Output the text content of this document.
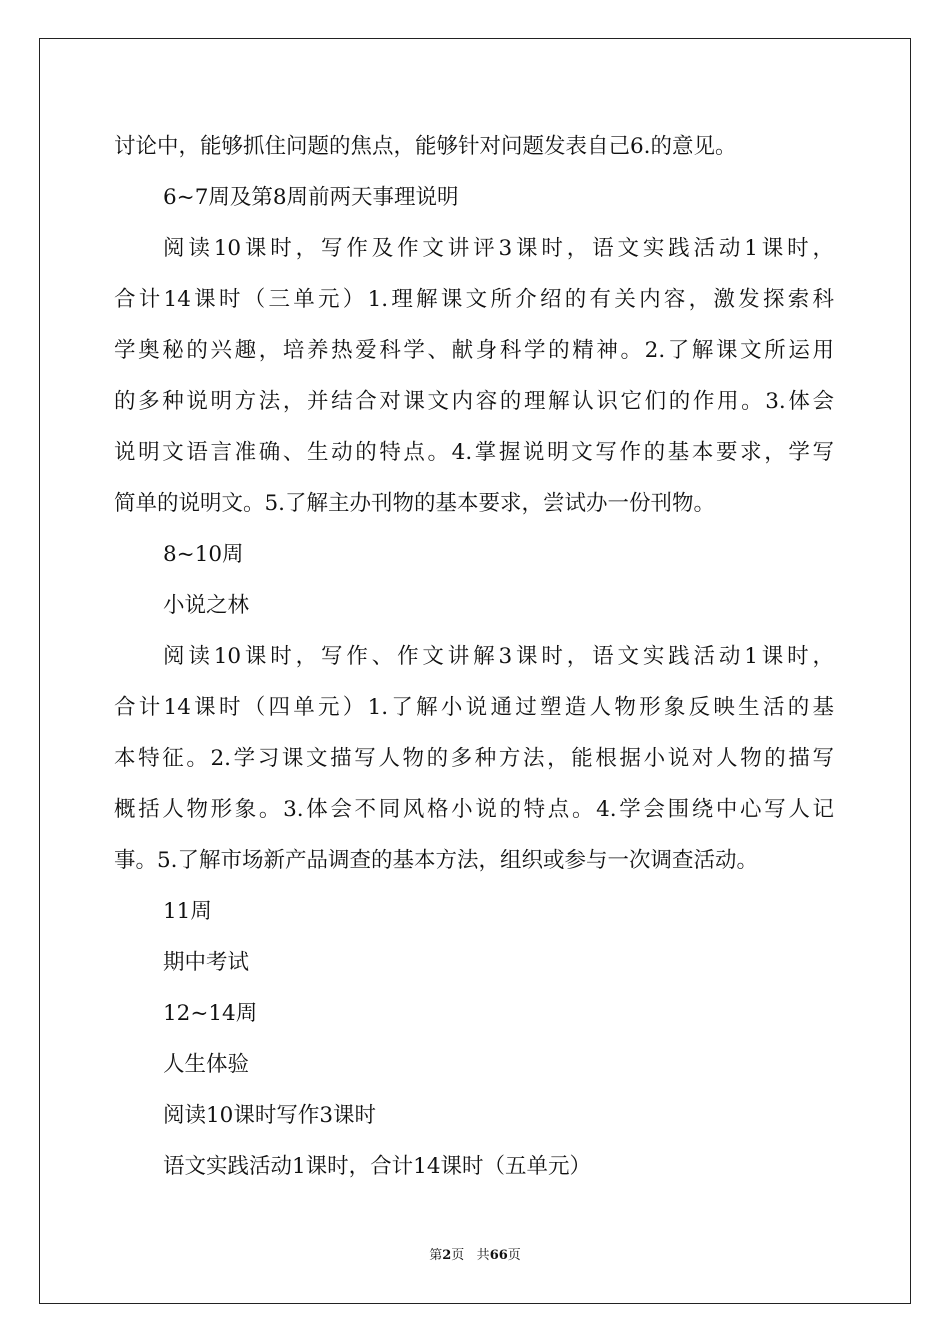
讨论中，能够抓住问题的焦点，能够针对问题发表自己6.的意见。
6~7周及第8周前两天事理说明
阅读10课时，写作及作文讲评3课时，语文实践活动1课时，
合计14课时（三单元）1.理解课文所介绍的有关内容，激发探索科
学奥秘的兴趣，培养热爱科学、献身科学的精神。2.了解课文所运用
的多种说明方法，并结合对课文内容的理解认识它们的作用。3.体会
说明文语言准确、生动的特点。4.掌握说明文写作的基本要求，学写
简单的说明文。5.了解主办刊物的基本要求，尝试办一份刊物。
8~10周
小说之林
阅读10课时，写作、作文讲解3课时，语文实践活动1课时，
合计14课时（四单元）1.了解小说通过塑造人物形象反映生活的基
本特征。2.学习课文描写人物的多种方法，能根据小说对人物的描写
概括人物形象。3.体会不同风格小说的特点。4.学会围绕中心写人记
事。5.了解市场新产品调查的基本方法，组织或参与一次调查活动。
11周
期中考试
12~14周
人生体验
阅读10课时写作3课时
语文实践活动1课时，合计14课时（五单元）
第2页 共66页
